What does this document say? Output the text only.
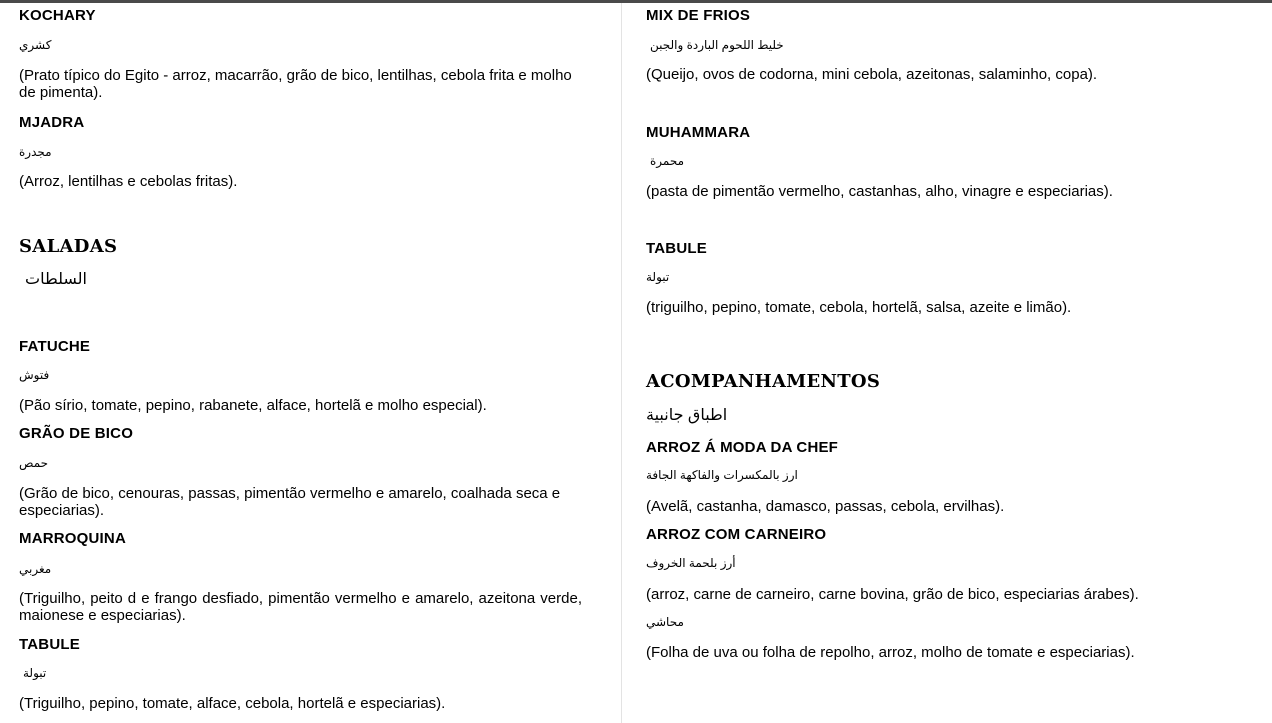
KOCHARY
كشري
(Prato típico do Egito - arroz, macarrão, grão de bico, lentilhas, cebola frita e molho de pimenta).
MJADRA
مجدرة
(Arroz, lentilhas e cebolas fritas).
SALADAS
السلطات
FATUCHE
فتوش
(Pão sírio, tomate, pepino, rabanete, alface, hortelã e molho especial).
GRÃO DE BICO
حمص
(Grão de bico, cenouras, passas, pimentão vermelho e amarelo, coalhada seca e especiarias).
MARROQUINA
مغربي
(Triguilho, peito d e frango desfiado, pimentão vermelho e amarelo, azeitona verde, maionese e especiarias).
TABULE
تبولة
(Triguilho, pepino, tomate, alface, cebola, hortelã e especiarias).
MIX DE FRIOS
خليط اللحوم الباردة والجبن
(Queijo, ovos de codorna, mini cebola, azeitonas, salaminho, copa).
MUHAMMARA
محمرة
(pasta de pimentão vermelho, castanhas, alho, vinagre e especiarias).
TABULE
تبولة
(triguilho, pepino, tomate, cebola, hortelã, salsa, azeite e limão).
ACOMPANHAMENTOS
اطباق جانبية
ARROZ Á MODA DA CHEF
ارز بالمكسرات والفاكهة الجافة
(Avelã, castanha, damasco, passas, cebola, ervilhas).
ARROZ COM CARNEIRO
أرز بلحمة الخروف
(arroz, carne de carneiro, carne bovina, grão de bico, especiarias árabes).
محاشي
(Folha de uva ou folha de repolho, arroz, molho de tomate e especiarias).
